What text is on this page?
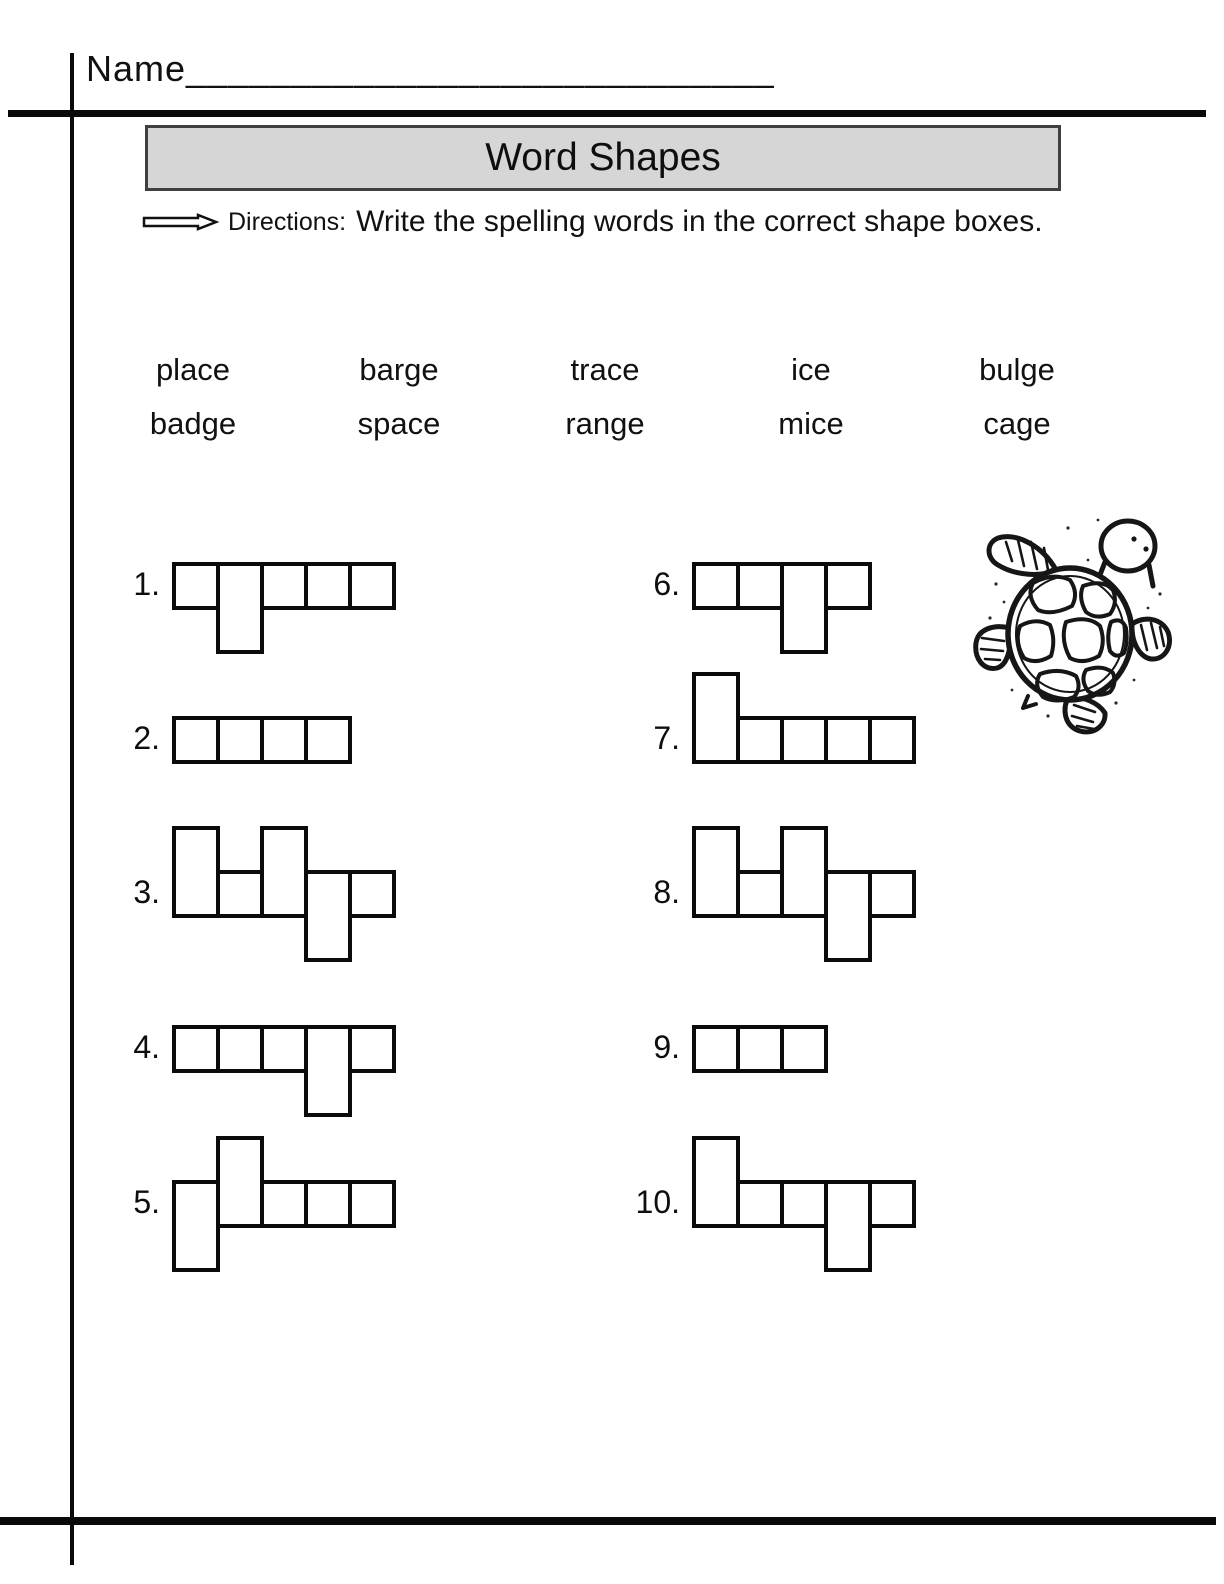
Name____________________________
Word Shapes
Directions: Write the spelling words in the correct shape boxes.
place	barge	trace	ice	bulge
badge	space	range	mice	cage
1.
2.
3.
4.
5.
6.
7.
8.
9.
10.
